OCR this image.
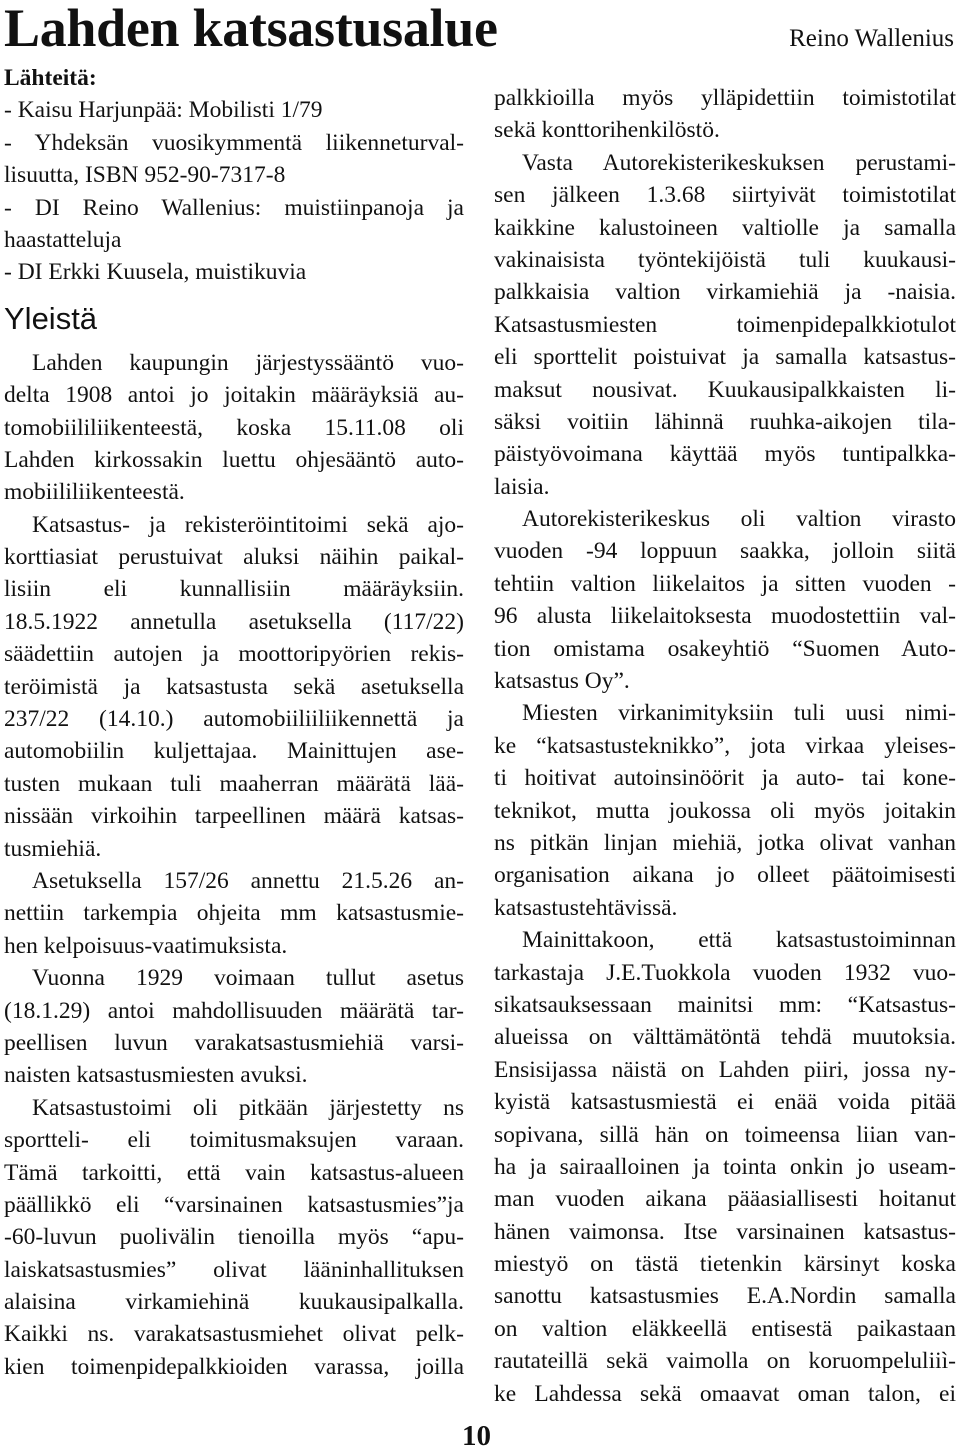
Lahden katsastusalue	Reino Wallenius
Lähteitä:
- Kaisu Harjunpää: Mobilisti 1/79
- Yhdeksän vuosikymmentä liikenneturval-
lisuutta, ISBN 952-90-7317-8
- DI Reino Wallenius: muistiinpanoja ja
haastatteluja
- DI Erkki Kuusela, muistikuvia
Yleistä
Lahden kaupungin järjestyssääntö vuo-
delta 1908 antoi jo joitakin määräyksiä au-
tomobiililiikenteestä, koska 15.11.08 oli
Lahden kirkossakin luettu ohjesääntö auto-
mobiililiikenteestä.
Katsastus- ja rekisteröintitoimi sekä ajo-
korttiasiat perustuivat aluksi näihin paikal-
lisiin eli kunnallisiin määräyksiin.
18.5.1922 annetulla asetuksella (117/22)
säädettiin autojen ja moottoripyörien rekis-
teröimistä ja katsastusta sekä asetuksella
237/22 (14.10.) automobiiliiliikennettä ja
automobiilin kuljettajaa. Mainittujen ase-
tusten mukaan tuli maaherran määrätä lää-
nissään virkoihin tarpeellinen määrä katsas-
tusmiehiä.
Asetuksella 157/26 annettu 21.5.26 an-
nettiin tarkempia ohjeita mm katsastusmie-
hen kelpoisuus-vaatimuksista.
Vuonna 1929 voimaan tullut asetus
(18.1.29) antoi mahdollisuuden määrätä tar-
peellisen luvun varakatsastusmiehiä varsi-
naisten katsastusmiesten avuksi.
Katsastustoimi oli pitkään järjestetty ns
sportteli- eli toimitusmaksujen varaan.
Tämä tarkoitti, että vain katsastus-alueen
päällikkö eli “varsinainen katsastusmies”ja
-60-luvun puolivälin tienoilla myös “apu-
laiskatsastusmies” olivat lääninhallituksen
alaisina virkamiehinä kuukausipalkalla.
Kaikki ns. varakatsastusmiehet olivat pelk-
kien toimenpidepalkkioiden varassa, joilla
palkkioilla myös ylläpidettiin toimistotilat
sekä konttorihenkilöstö.
Vasta Autorekisterikeskuksen perustami-
sen jälkeen 1.3.68 siirtyivät toimistotilat
kaikkine kalustoineen valtiolle ja samalla
vakinaisista työntekijöistä tuli kuukausi-
palkkaisia valtion virkamiehiä ja -naisia.
Katsastusmiesten toimenpidepalkkiotulot
eli sporttelit poistuivat ja samalla katsastus-
maksut nousivat. Kuukausipalkkaisten li-
säksi voitiin lähinnä ruuhka-aikojen tila-
päistyövoimana käyttää myös tuntipalkka-
laisia.
Autorekisterikeskus oli valtion virasto
vuoden -94 loppuun saakka, jolloin siitä
tehtiin valtion liikelaitos ja sitten vuoden -
96 alusta liikelaitoksesta muodostettiin val-
tion omistama osakeyhtiö “Suomen Auto-
katsastus Oy”.
Miesten virkanimityksiin tuli uusi nimi-
ke “katsastusteknikko”, jota virkaa yleises-
ti hoitivat autoinsinöörit ja auto- tai kone-
teknikot, mutta joukossa oli myös joitakin
ns pitkän linjan miehiä, jotka olivat vanhan
organisation aikana jo olleet päätoimisesti
katsastustehtävissä.
Mainittakoon, että katsastustoiminnan
tarkastaja J.E.Tuokkola vuoden 1932 vuo-
sikatsauksessaan mainitsi mm: “Katsastus-
alueissa on välttämätöntä tehdä muutoksia.
Ensisijassa näistä on Lahden piiri, jossa ny-
kyistä katsastusmiestä ei enää voida pitää
sopivana, sillä hän on toimeensa liian van-
ha ja sairaalloinen ja tointa onkin jo useam-
man vuoden aikana pääasiallisesti hoitanut
hänen vaimonsa. Itse varsinainen katsastus-
miestyö on tästä tietenkin kärsinyt koska
sanottu katsastusmies E.A.Nordin samalla
on valtion eläkkeellä entisestä paikastaan
rautateillä sekä vaimolla on koruompeluliiì-
ke Lahdessa sekä omaavat oman talon, ei
10
